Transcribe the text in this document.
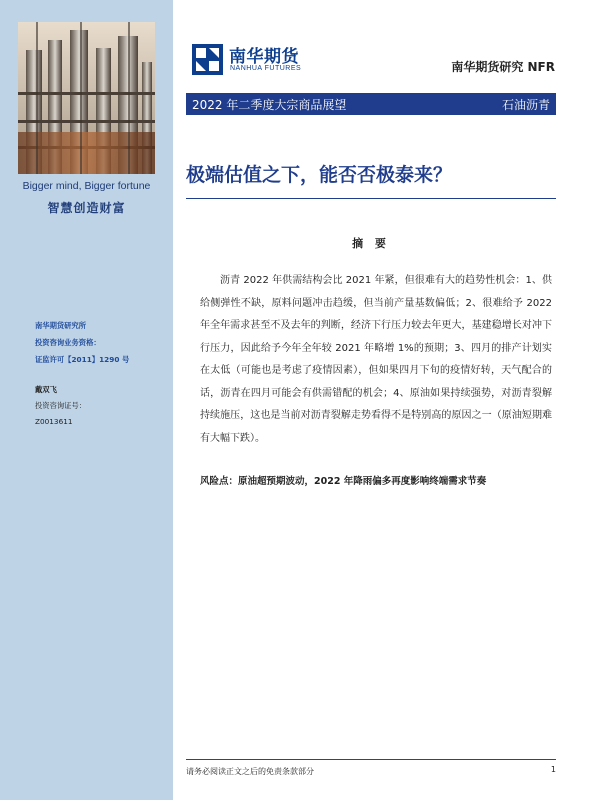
Bigger mind, Bigger fortune
智慧创造财富
南华期货研究所
投资咨询业务资格：
证监许可【2011】1290 号
戴双飞
投资咨询证号：
Z0013611
南华期货
NANHUA FUTURES	南华期货研究 NFR
2022 年二季度大宗商品展望	石油沥青
极端估值之下，能否否极泰来？
摘 要
沥青 2022 年供需结构会比 2021 年紧，但很难有大的趋势性机会：1、供给侧弹性不缺，原料问题冲击趋缓，但当前产量基数偏低；2、很难给予 2022 年全年需求甚至不及去年的判断，经济下行压力较去年更大，基建稳增长对冲下行压力，因此给予今年全年较 2021 年略增 1%的预期；3、四月的排产计划实在太低（可能也是考虑了疫情因素），但如果四月下旬的疫情好转，天气配合的话，沥青在四月可能会有供需错配的机会；4、原油如果持续强势，对沥青裂解持续施压，这也是当前对沥青裂解走势看得不是特别高的原因之一（原油短期难有大幅下跌）。
风险点：原油超预期波动，2022 年降雨偏多再度影响终端需求节奏
请务必阅读正文之后的免责条款部分	1
